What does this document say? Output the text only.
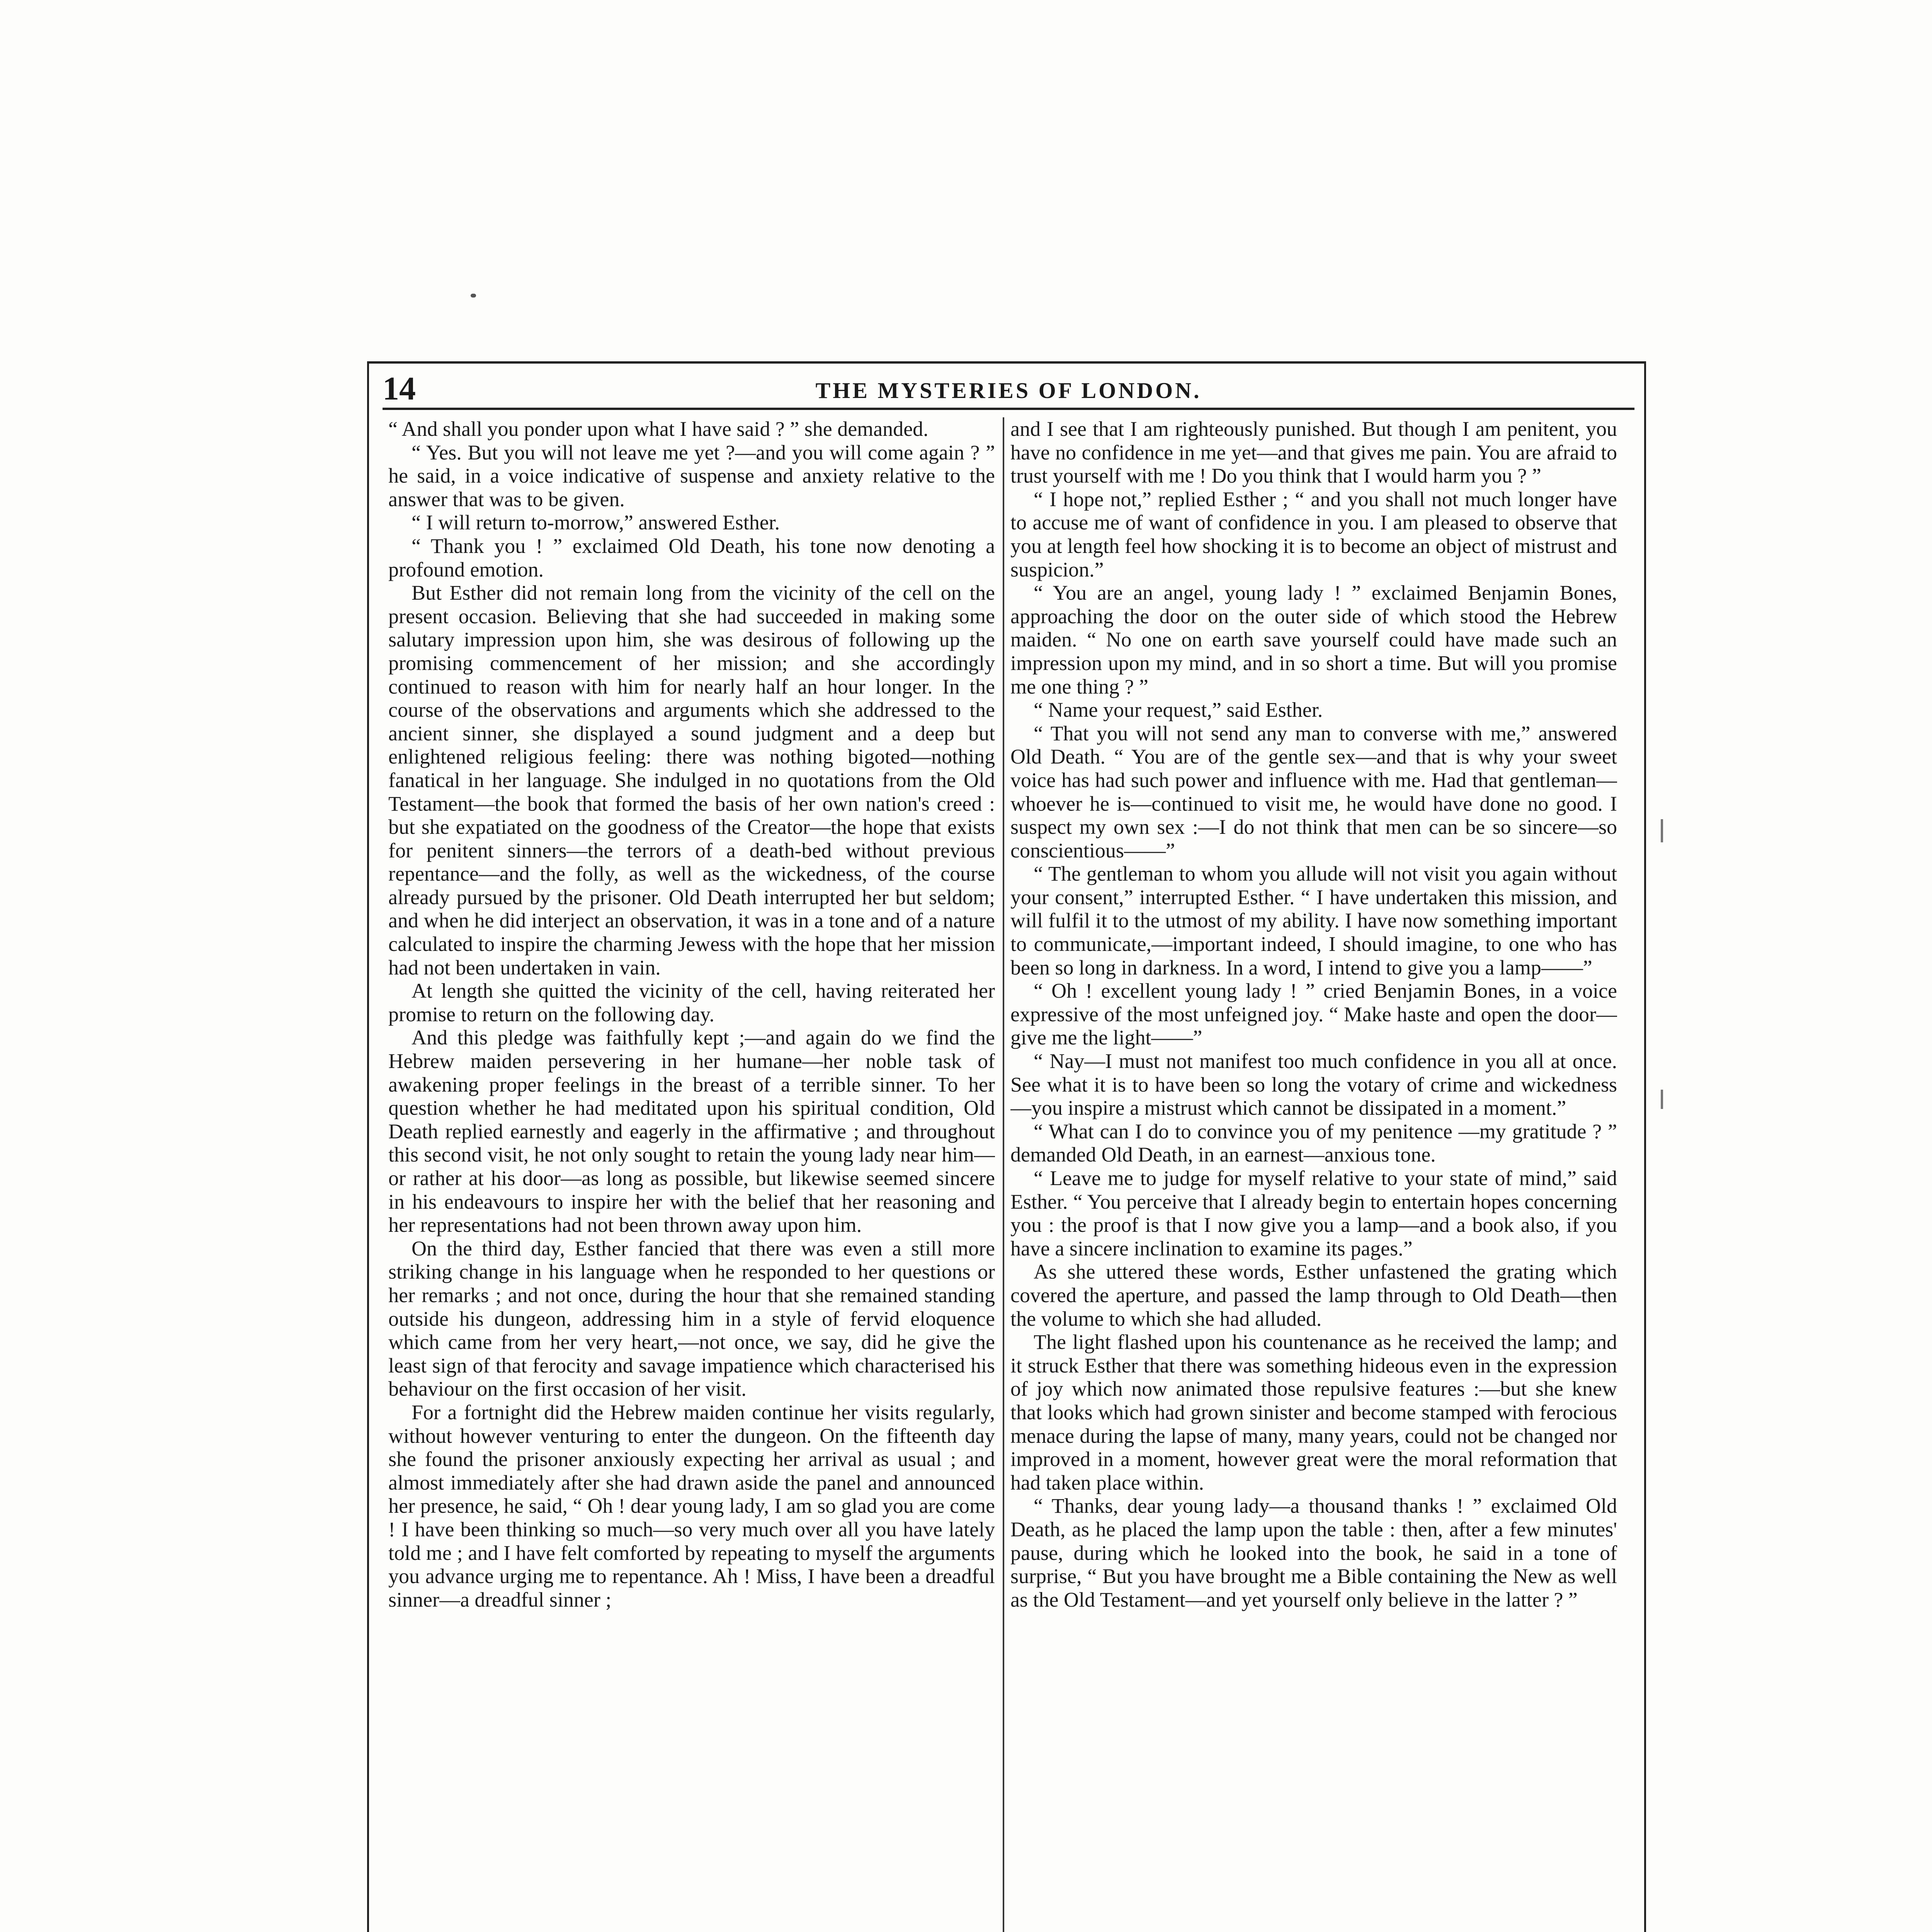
14	THE MYSTERIES OF LONDON.

“ And shall you ponder upon what I have said ? ” she demanded.

“ Yes. But you will not leave me yet ?—and you will come again ? ” he said, in a voice indicative of suspense and anxiety relative to the answer that was to be given.

“ I will return to-morrow,” answered Esther.

“ Thank you ! ” exclaimed Old Death, his tone now denoting a profound emotion.

But Esther did not remain long from the vicinity of the cell on the present occasion. Believing that she had succeeded in making some salutary impression upon him, she was desirous of following up the promising commencement of her mission; and she accordingly continued to reason with him for nearly half an hour longer. In the course of the observations and arguments which she addressed to the ancient sinner, she displayed a sound judgment and a deep but enlightened religious feeling: there was nothing bigoted—nothing fanatical in her language. She indulged in no quotations from the Old Testament—the book that formed the basis of her own nation's creed : but she expatiated on the goodness of the Creator—the hope that exists for penitent sinners—the terrors of a death-bed without previous repentance—and the folly, as well as the wickedness, of the course already pursued by the prisoner. Old Death interrupted her but seldom; and when he did interject an observation, it was in a tone and of a nature calculated to inspire the charming Jewess with the hope that her mission had not been undertaken in vain.

At length she quitted the vicinity of the cell, having reiterated her promise to return on the following day.

And this pledge was faithfully kept ;—and again do we find the Hebrew maiden persevering in her humane—her noble task of awakening proper feelings in the breast of a terrible sinner. To her question whether he had meditated upon his spiritual condition, Old Death replied earnestly and eagerly in the affirmative ; and throughout this second visit, he not only sought to retain the young lady near him—or rather at his door—as long as possible, but likewise seemed sincere in his endeavours to inspire her with the belief that her reasoning and her representations had not been thrown away upon him.

On the third day, Esther fancied that there was even a still more striking change in his language when he responded to her questions or her remarks ; and not once, during the hour that she remained standing outside his dungeon, addressing him in a style of fervid eloquence which came from her very heart,—not once, we say, did he give the least sign of that ferocity and savage impatience which characterised his behaviour on the first occasion of her visit.

For a fortnight did the Hebrew maiden continue her visits regularly, without however venturing to enter the dungeon. On the fifteenth day she found the prisoner anxiously expecting her arrival as usual ; and almost immediately after she had drawn aside the panel and announced her presence, he said, “ Oh ! dear young lady, I am so glad you are come ! I have been thinking so much—so very much over all you have lately told me ; and I have felt comforted by repeating to myself the arguments you advance urging me to repentance. Ah ! Miss, I have been a dreadful sinner—a dreadful sinner ;

and I see that I am righteously punished. But though I am penitent, you have no confidence in me yet—and that gives me pain. You are afraid to trust yourself with me ! Do you think that I would harm you ? ”

“ I hope not,” replied Esther ; “ and you shall not much longer have to accuse me of want of confidence in you. I am pleased to observe that you at length feel how shocking it is to become an object of mistrust and suspicion.”

“ You are an angel, young lady ! ” exclaimed Benjamin Bones, approaching the door on the outer side of which stood the Hebrew maiden. “ No one on earth save yourself could have made such an impression upon my mind, and in so short a time. But will you promise me one thing ? ”

“ Name your request,” said Esther.

“ That you will not send any man to converse with me,” answered Old Death. “ You are of the gentle sex—and that is why your sweet voice has had such power and influence with me. Had that gentleman—whoever he is—continued to visit me, he would have done no good. I suspect my own sex :—I do not think that men can be so sincere—so conscientious——”

“ The gentleman to whom you allude will not visit you again without your consent,” interrupted Esther. “ I have undertaken this mission, and will fulfil it to the utmost of my ability. I have now something important to communicate,—important indeed, I should imagine, to one who has been so long in darkness. In a word, I intend to give you a lamp——”

“ Oh ! excellent young lady ! ” cried Benjamin Bones, in a voice expressive of the most unfeigned joy. “ Make haste and open the door—give me the light——”

“ Nay—I must not manifest too much confidence in you all at once. See what it is to have been so long the votary of crime and wickedness—you inspire a mistrust which cannot be dissipated in a moment.”

“ What can I do to convince you of my penitence —my gratitude ? ” demanded Old Death, in an earnest—anxious tone.

“ Leave me to judge for myself relative to your state of mind,” said Esther. “ You perceive that I already begin to entertain hopes concerning you : the proof is that I now give you a lamp—and a book also, if you have a sincere inclination to examine its pages.”

As she uttered these words, Esther unfastened the grating which covered the aperture, and passed the lamp through to Old Death—then the volume to which she had alluded.

The light flashed upon his countenance as he received the lamp; and it struck Esther that there was something hideous even in the expression of joy which now animated those repulsive features :—but she knew that looks which had grown sinister and become stamped with ferocious menace during the lapse of many, many years, could not be changed nor improved in a moment, however great were the moral reformation that had taken place within.

“ Thanks, dear young lady—a thousand thanks ! ” exclaimed Old Death, as he placed the lamp upon the table : then, after a few minutes' pause, during which he looked into the book, he said in a tone of surprise, “ But you have brought me a Bible containing the New as well as the Old Testament—and yet yourself only believe in the latter ? ”
